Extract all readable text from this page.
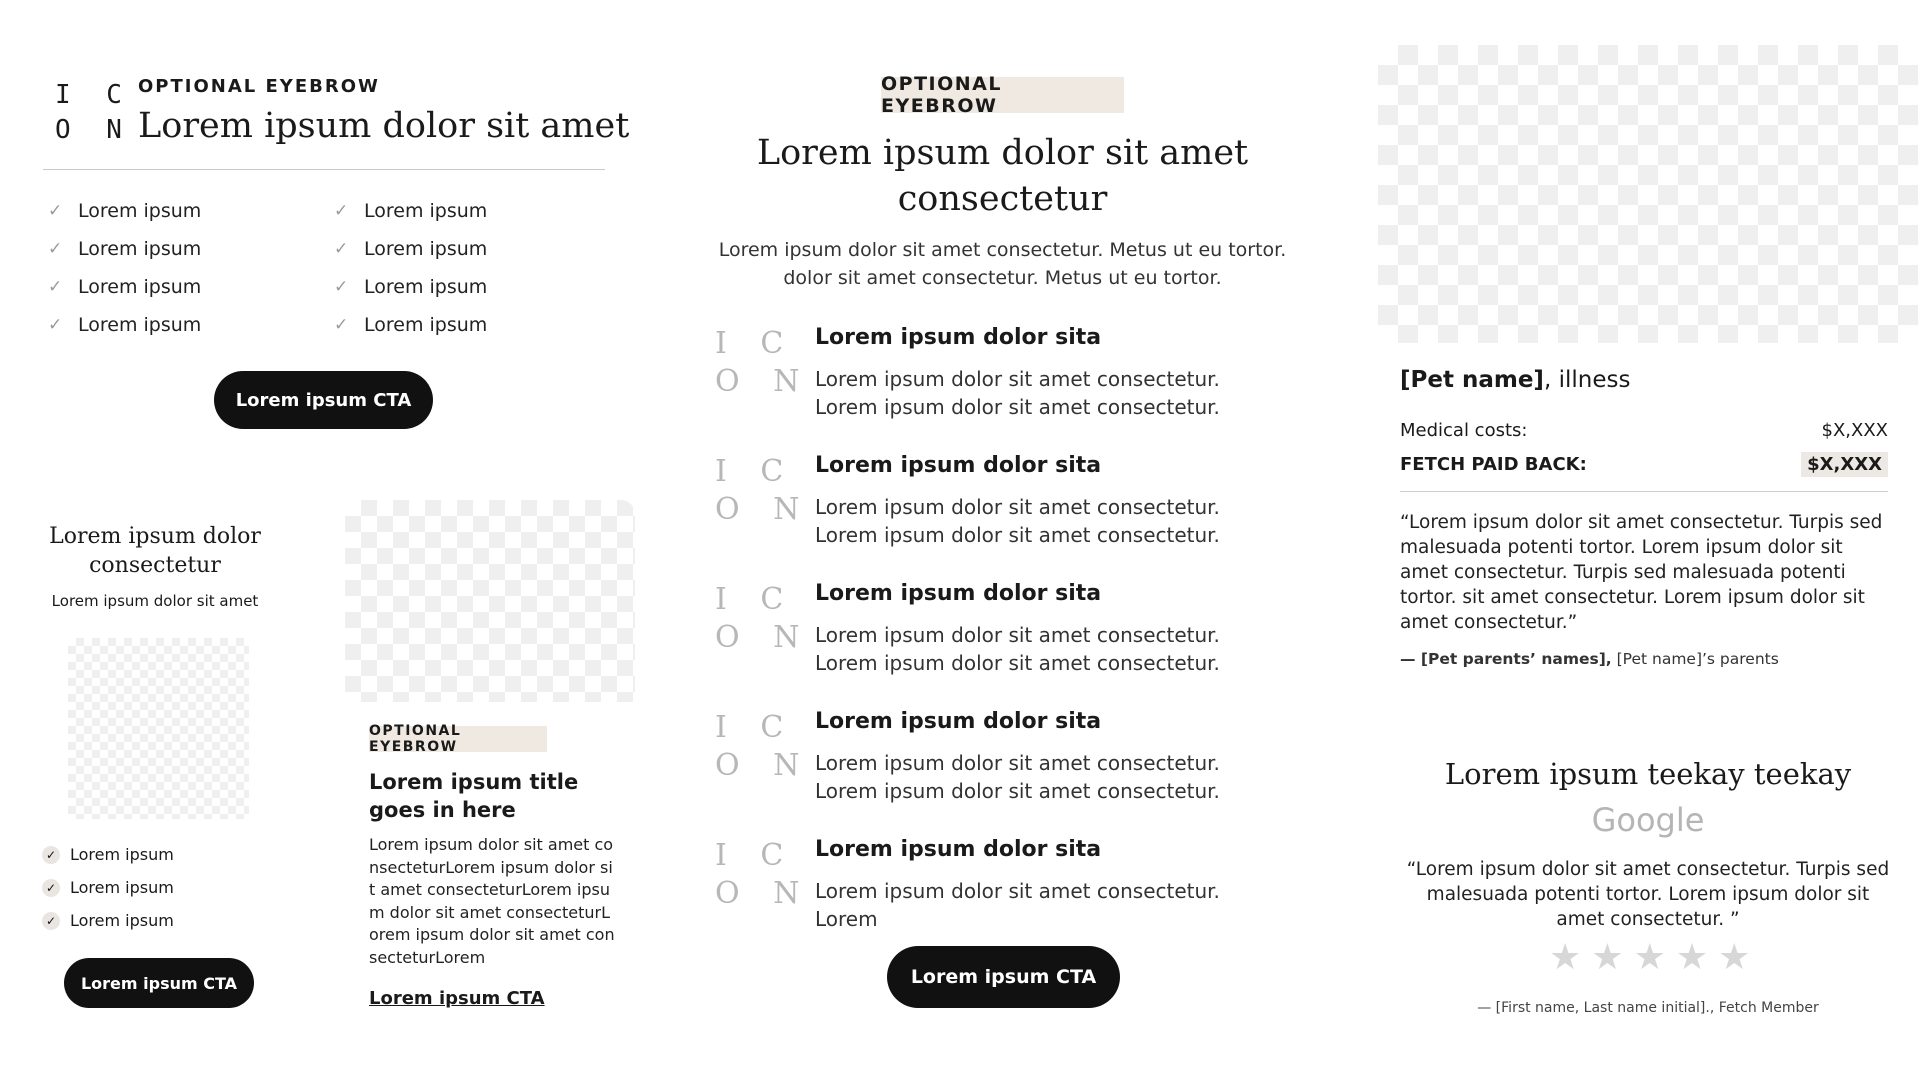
I C
O N
OPTIONAL EYEBROW
Lorem ipsum dolor sit amet
✓ Lorem ipsum
✓ Lorem ipsum
✓ Lorem ipsum
✓ Lorem ipsum
✓ Lorem ipsum
✓ Lorem ipsum
✓ Lorem ipsum
✓ Lorem ipsum
Lorem ipsum CTA
Lorem ipsum dolor consectetur
Lorem ipsum dolor sit amet
✓ Lorem ipsum
✓ Lorem ipsum
✓ Lorem ipsum
Lorem ipsum CTA
OPTIONAL EYEBROW
Lorem ipsum title goes in here
Lorem ipsum dolor sit amet consecteturLorem ipsum dolor sit amet consecteturLorem ipsum dolor sit amet consecteturLorem ipsum dolor sit amet consecteturLorem
Lorem ipsum CTA
OPTIONAL EYEBROW
Lorem ipsum dolor sit amet consectetur
Lorem ipsum dolor sit amet consectetur. Metus ut eu tortor. dolor sit amet consectetur. Metus ut eu tortor.
I C
O N
Lorem ipsum dolor sita
Lorem ipsum dolor sit amet consectetur. Lorem ipsum dolor sit amet consectetur.
I C
O N
Lorem ipsum dolor sita
Lorem ipsum dolor sit amet consectetur. Lorem ipsum dolor sit amet consectetur.
I C
O N
Lorem ipsum dolor sita
Lorem ipsum dolor sit amet consectetur. Lorem ipsum dolor sit amet consectetur.
I C
O N
Lorem ipsum dolor sita
Lorem ipsum dolor sit amet consectetur. Lorem ipsum dolor sit amet consectetur.
I C
O N
Lorem ipsum dolor sita
Lorem ipsum dolor sit amet consectetur. Lorem
Lorem ipsum CTA
[Pet name], illness
Medical costs:	$X,XXX
FETCH PAID BACK:	$X,XXX
“Lorem ipsum dolor sit amet consectetur. Turpis sed malesuada potenti tortor. Lorem ipsum dolor sit amet consectetur. Turpis sed malesuada potenti tortor. sit amet consectetur. Lorem ipsum dolor sit amet consectetur.”
— [Pet parents’ names], [Pet name]’s parents
Lorem ipsum teekay teekay
Google
“Lorem ipsum dolor sit amet consectetur. Turpis sed malesuada potenti tortor. Lorem ipsum dolor sit amet consectetur. ”
★ ★ ★ ★ ★
— [First name, Last name initial]., Fetch Member
